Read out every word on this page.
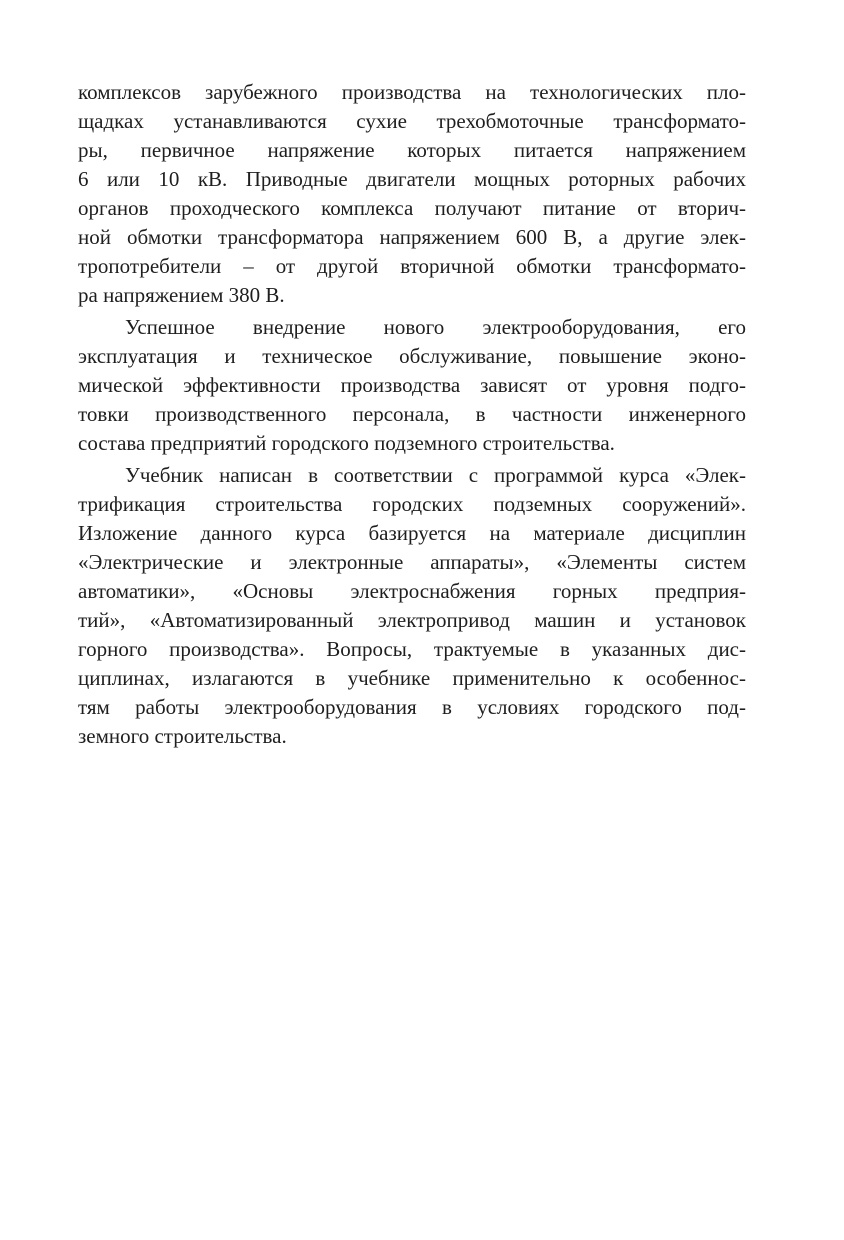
комплексов зарубежного производства на технологических пло-
щадках устанавливаются сухие трехобмоточные трансформато-
ры, первичное напряжение которых питается напряжением
6 или 10 кВ. Приводные двигатели мощных роторных рабочих
органов проходческого комплекса получают питание от вторич-
ной обмотки трансформатора напряжением 600 В, а другие элек-
тропотребители – от другой вторичной обмотки трансформато-
ра напряжением 380 В.
Успешное внедрение нового электрооборудования, его
эксплуатация и техническое обслуживание, повышение эконо-
мической эффективности производства зависят от уровня подго-
товки производственного персонала, в частности инженерного
состава предприятий городского подземного строительства.
Учебник написан в соответствии с программой курса «Элек-
трификация строительства городских подземных сооружений».
Изложение данного курса базируется на материале дисциплин
«Электрические и электронные аппараты», «Элементы систем
автоматики», «Основы электроснабжения горных предприя-
тий», «Автоматизированный электропривод машин и установок
горного производства». Вопросы, трактуемые в указанных дис-
циплинах, излагаются в учебнике применительно к особеннос-
тям работы электрооборудования в условиях городского под-
земного строительства.
